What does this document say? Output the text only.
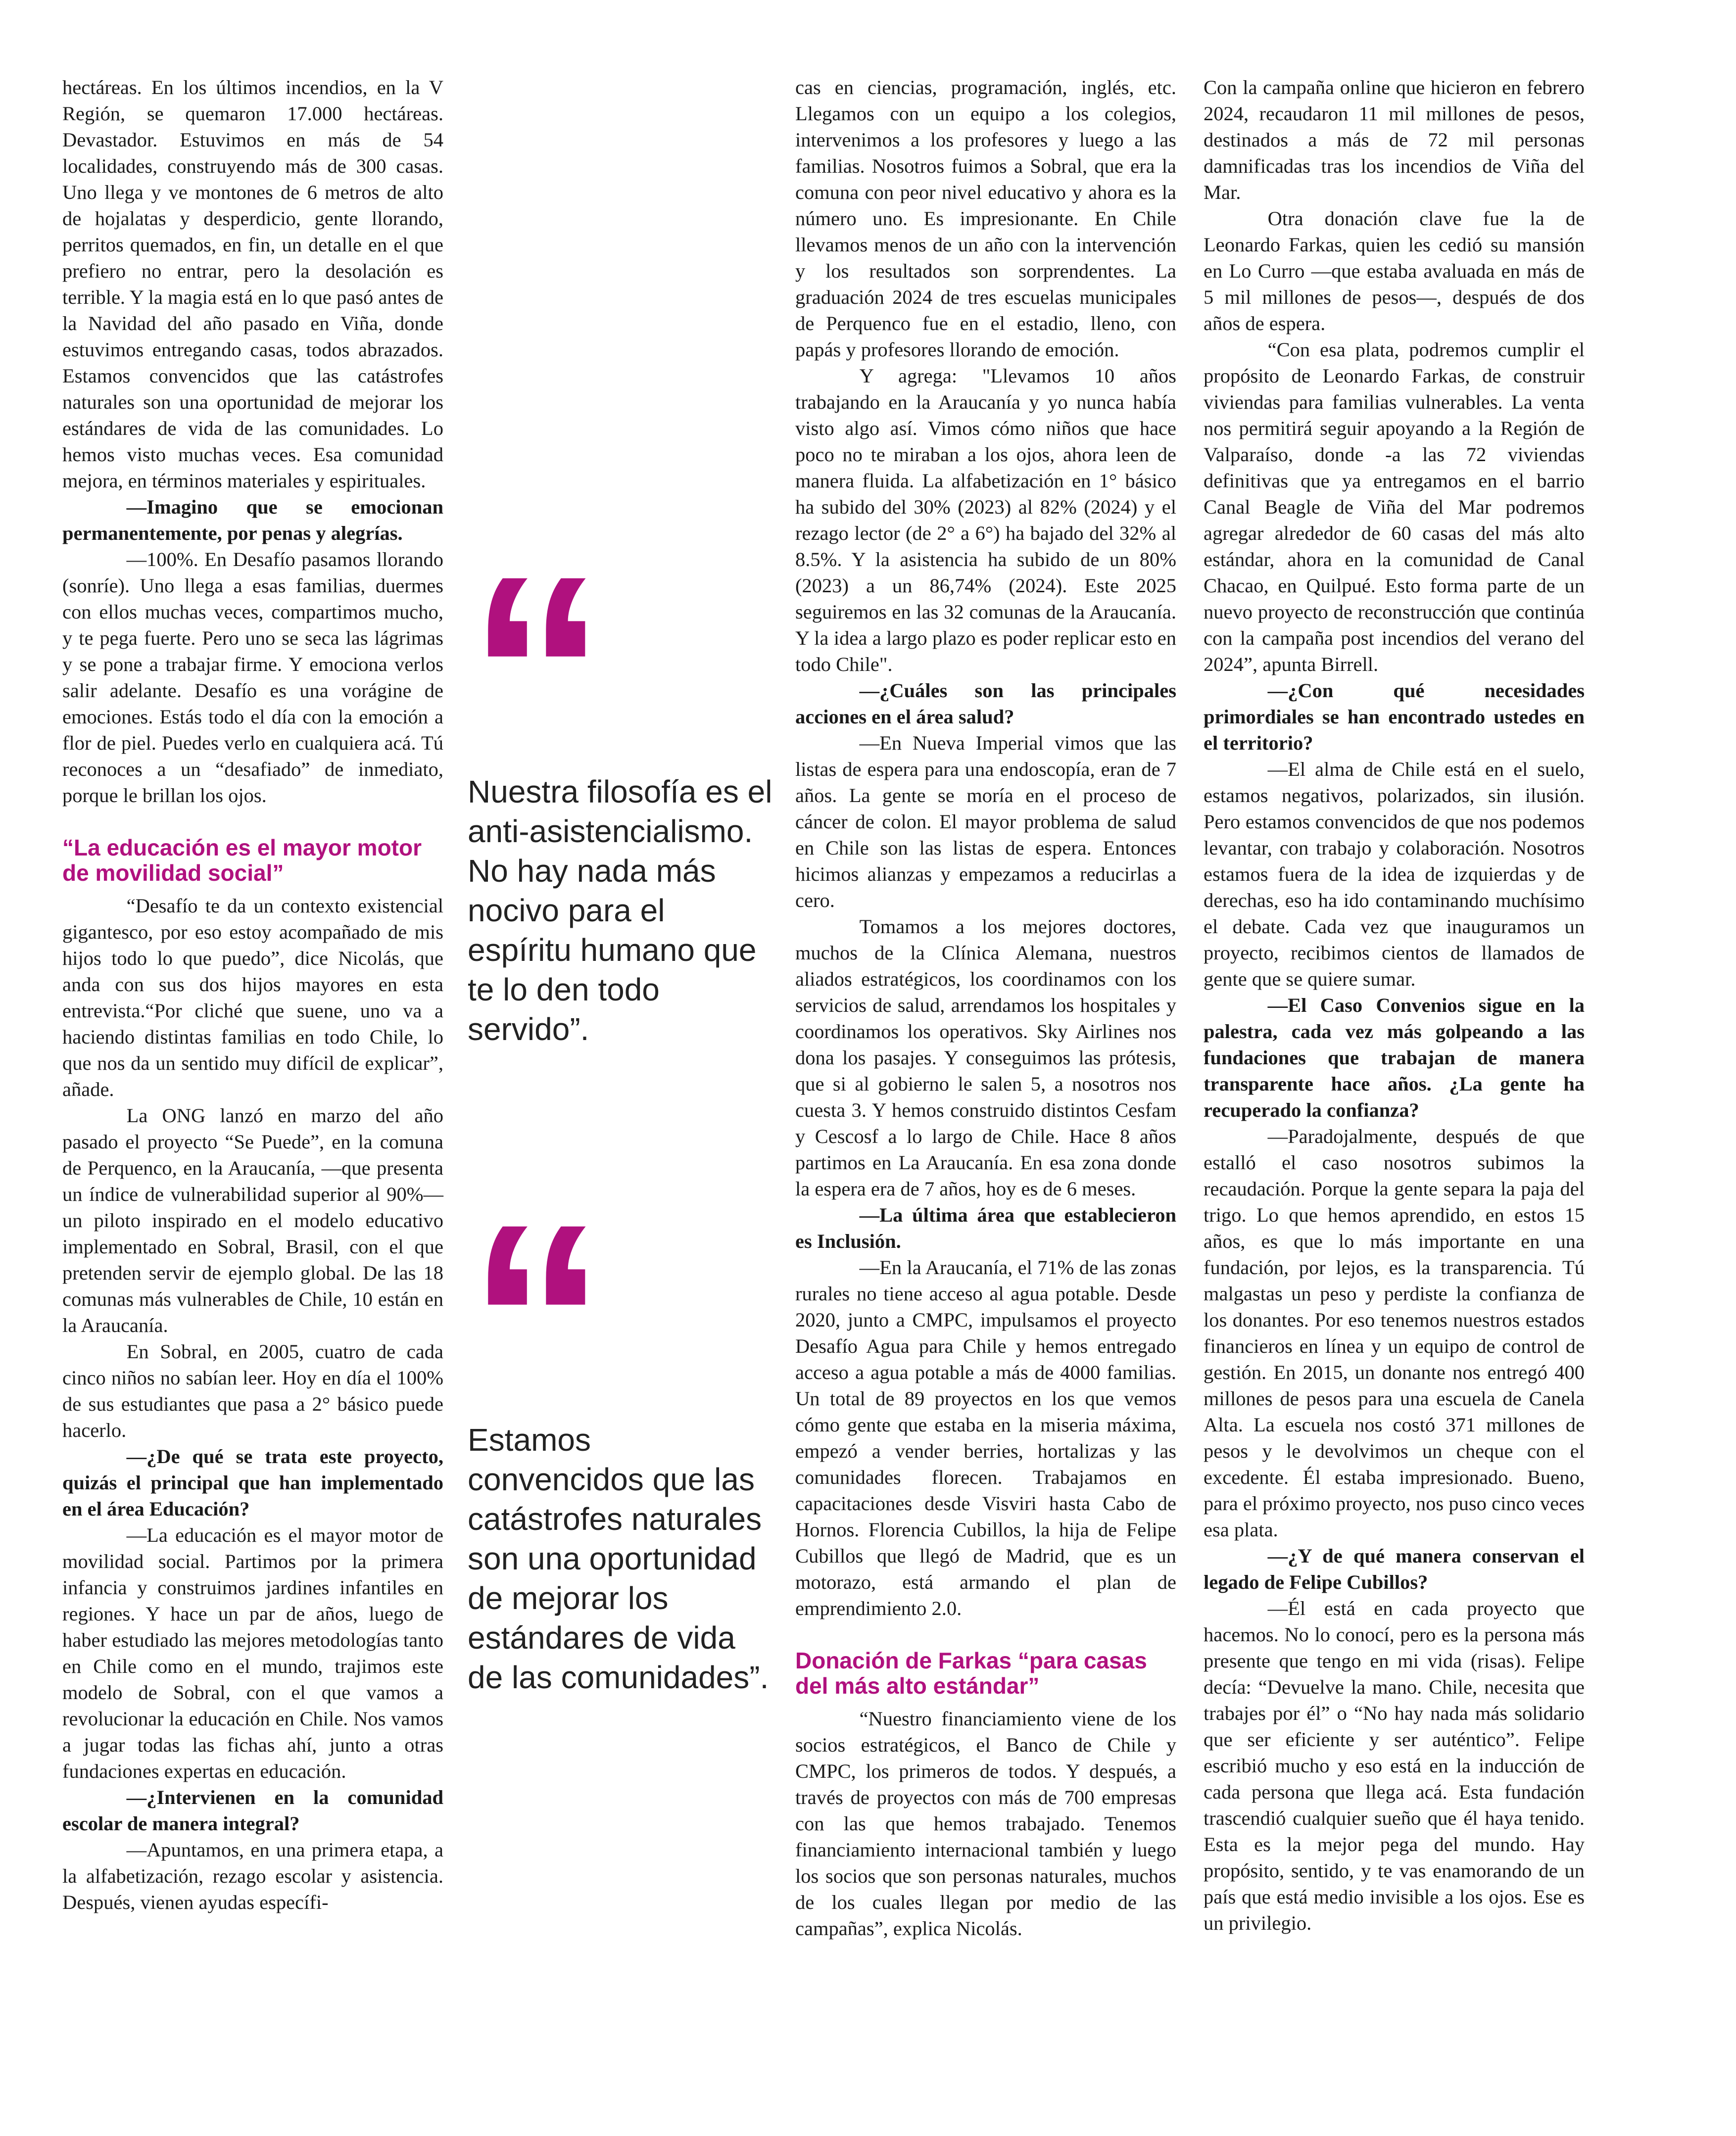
hectáreas. En los últimos incendios, en la V Región, se quemaron 17.000 hectáreas. Devastador. Estuvimos en más de 54 localidades, construyendo más de 300 casas. Uno llega y ve montones de 6 metros de alto de hojalatas y desperdicio, gente llorando, perritos quemados, en fin, un detalle en el que prefiero no entrar, pero la desolación es terrible. Y la magia está en lo que pasó antes de la Navidad del año pasado en Viña, donde estuvimos entregando casas, todos abrazados. Estamos convencidos que las catástrofes naturales son una oportunidad de mejorar los estándares de vida de las comunidades. Lo hemos visto muchas veces. Esa comunidad mejora, en términos materiales y espirituales.

—Imagino que se emocionan permanentemente, por penas y alegrías.

—100%. En Desafío pasamos llorando (sonríe). Uno llega a esas familias, duermes con ellos muchas veces, compartimos mucho, y te pega fuerte. Pero uno se seca las lágrimas y se pone a trabajar firme. Y emociona verlos salir adelante. Desafío es una vorágine de emociones. Estás todo el día con la emoción a flor de piel. Puedes verlo en cualquiera acá. Tú reconoces a un “desafiado” de inmediato, porque le brillan los ojos.

“La educación es el mayor motor de movilidad social”

“Desafío te da un contexto existencial gigantesco, por eso estoy acompañado de mis hijos todo lo que puedo”, dice Nicolás, que anda con sus dos hijos mayores en esta entrevista.“Por cliché que suene, uno va a haciendo distintas familias en todo Chile, lo que nos da un sentido muy difícil de explicar”, añade.

La ONG lanzó en marzo del año pasado el proyecto “Se Puede”, en la comuna de Perquenco, en la Araucanía, —que presenta un índice de vulnerabilidad superior al 90%— un piloto inspirado en el modelo educativo implementado en Sobral, Brasil, con el que pretenden servir de ejemplo global. De las 18 comunas más vulnerables de Chile, 10 están en la Araucanía.

En Sobral, en 2005, cuatro de cada cinco niños no sabían leer. Hoy en día el 100% de sus estudiantes que pasa a 2° básico puede hacerlo.

—¿De qué se trata este proyecto, quizás el principal que han implementado en el área Educación?

—La educación es el mayor motor de movilidad social. Partimos por la primera infancia y construimos jardines infantiles en regiones. Y hace un par de años, luego de haber estudiado las mejores metodologías tanto en Chile como en el mundo, trajimos este modelo de Sobral, con el que vamos a revolucionar la educación en Chile. Nos vamos a jugar todas las fichas ahí, junto a otras fundaciones expertas en educación.

—¿Intervienen en la comunidad escolar de manera integral?

—Apuntamos, en una primera etapa, a la alfabetización, rezago escolar y asistencia. Después, vienen ayudas específi-

cas en ciencias, programación, inglés, etc. Llegamos con un equipo a los colegios, intervenimos a los profesores y luego a las familias. Nosotros fuimos a Sobral, que era la comuna con peor nivel educativo y ahora es la número uno. Es impresionante. En Chile llevamos menos de un año con la intervención y los resultados son sorprendentes. La graduación 2024 de tres escuelas municipales de Perquenco fue en el estadio, lleno, con papás y profesores llorando de emoción.

Y agrega: "Llevamos 10 años trabajando en la Araucanía y yo nunca había visto algo así. Vimos cómo niños que hace poco no te miraban a los ojos, ahora leen de manera fluida. La alfabetización en 1° básico ha subido del 30% (2023) al 82% (2024) y el rezago lector (de 2° a 6°) ha bajado del 32% al 8.5%. Y la asistencia ha subido de un 80% (2023) a un 86,74% (2024). Este 2025 seguiremos en las 32 comunas de la Araucanía. Y la idea a largo plazo es poder replicar esto en todo Chile".

—¿Cuáles son las principales acciones en el área salud?

—En Nueva Imperial vimos que las listas de espera para una endoscopía, eran de 7 años. La gente se moría en el proceso de cáncer de colon. El mayor problema de salud en Chile son las listas de espera. Entonces hicimos alianzas y empezamos a reducirlas a cero.

Tomamos a los mejores doctores, muchos de la Clínica Alemana, nuestros aliados estratégicos, los coordinamos con los servicios de salud, arrendamos los hospitales y coordinamos los operativos. Sky Airlines nos dona los pasajes. Y conseguimos las prótesis, que si al gobierno le salen 5, a nosotros nos cuesta 3. Y hemos construido distintos Cesfam y Cescosf a lo largo de Chile. Hace 8 años partimos en La Araucanía. En esa zona donde la espera era de 7 años, hoy es de 6 meses.

—La última área que establecieron es Inclusión.

—En la Araucanía, el 71% de las zonas rurales no tiene acceso al agua potable. Desde 2020, junto a CMPC, impulsamos el proyecto Desafío Agua para Chile y hemos entregado acceso a agua potable a más de 4000 familias. Un total de 89 proyectos en los que vemos cómo gente que estaba en la miseria máxima, empezó a vender berries, hortalizas y las comunidades florecen. Trabajamos en capacitaciones desde Visviri hasta Cabo de Hornos. Florencia Cubillos, la hija de Felipe Cubillos que llegó de Madrid, que es un motorazo, está armando el plan de emprendimiento 2.0.

Donación de Farkas “para casas del más alto estándar”

“Nuestro financiamiento viene de los socios estratégicos, el Banco de Chile y CMPC, los primeros de todos. Y después, a través de proyectos con más de 700 empresas con las que hemos trabajado. Tenemos financiamiento internacional también y luego los socios que son personas naturales, muchos de los cuales llegan por medio de las campañas”, explica Nicolás.

Con la campaña online que hicieron en febrero 2024, recaudaron 11 mil millones de pesos, destinados a más de 72 mil personas damnificadas tras los incendios de Viña del Mar.

Otra donación clave fue la de Leonardo Farkas, quien les cedió su mansión en Lo Curro —que estaba avaluada en más de 5 mil millones de pesos—, después de dos años de espera.

“Con esa plata, podremos cumplir el propósito de Leonardo Farkas, de construir viviendas para familias vulnerables. La venta nos permitirá seguir apoyando a la Región de Valparaíso, donde -a las 72 viviendas definitivas que ya entregamos en el barrio Canal Beagle de Viña del Mar podremos agregar alrededor de 60 casas del más alto estándar, ahora en la comunidad de Canal Chacao, en Quilpué. Esto forma parte de un nuevo proyecto de reconstrucción que continúa con la campaña post incendios del verano del 2024”, apunta Birrell.

—¿Con qué necesidades primordiales se han encontrado ustedes en el territorio?

—El alma de Chile está en el suelo, estamos negativos, polarizados, sin ilusión. Pero estamos convencidos de que nos podemos levantar, con trabajo y colaboración. Nosotros estamos fuera de la idea de izquierdas y de derechas, eso ha ido contaminando muchísimo el debate. Cada vez que inauguramos un proyecto, recibimos cientos de llamados de gente que se quiere sumar.

—El Caso Convenios sigue en la palestra, cada vez más golpeando a las fundaciones que trabajan de manera transparente hace años. ¿La gente ha recuperado la confianza?

—Paradojalmente, después de que estalló el caso nosotros subimos la recaudación. Porque la gente separa la paja del trigo. Lo que hemos aprendido, en estos 15 años, es que lo más importante en una fundación, por lejos, es la transparencia. Tú malgastas un peso y perdiste la confianza de los donantes. Por eso tenemos nuestros estados financieros en línea y un equipo de control de gestión. En 2015, un donante nos entregó 400 millones de pesos para una escuela de Canela Alta. La escuela nos costó 371 millones de pesos y le devolvimos un cheque con el excedente. Él estaba impresionado. Bueno, para el próximo proyecto, nos puso cinco veces esa plata.

—¿Y de qué manera conservan el legado de Felipe Cubillos?

—Él está en cada proyecto que hacemos. No lo conocí, pero es la persona más presente que tengo en mi vida (risas). Felipe decía: “Devuelve la mano. Chile, necesita que trabajes por él” o “No hay nada más solidario que ser eficiente y ser auténtico”. Felipe escribió mucho y eso está en la inducción de cada persona que llega acá. Esta fundación trascendió cualquier sueño que él haya tenido. Esta es la mejor pega del mundo. Hay propósito, sentido, y te vas enamorando de un país que está medio invisible a los ojos. Ese es un privilegio.

Nuestra filosofía es el anti-asistencialismo. No hay nada más nocivo para el espíritu humano que te lo den todo servido”.
Estamos convencidos que las catástrofes naturales son una oportunidad de mejorar los estándares de vida de las comunidades”.
